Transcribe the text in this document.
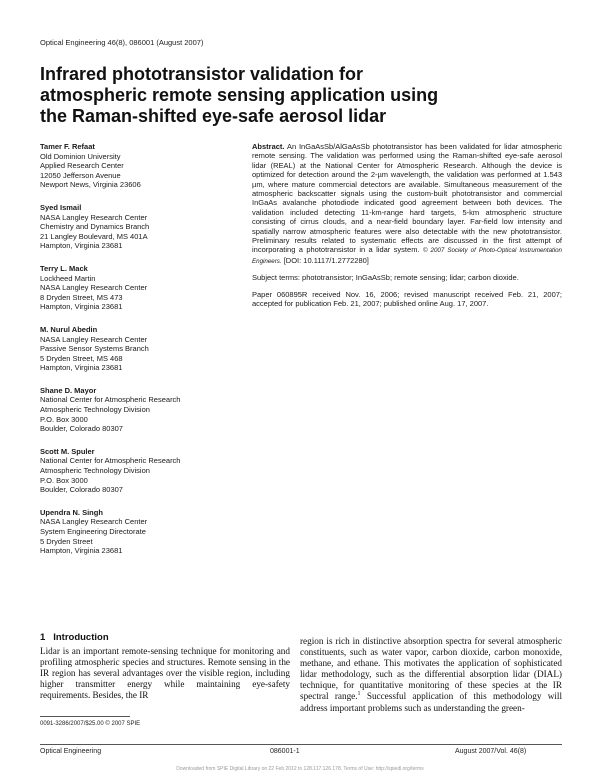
Optical Engineering 46(8), 086001 (August 2007)
Infrared phototransistor validation for
atmospheric remote sensing application using
the Raman-shifted eye-safe aerosol lidar
Tamer F. Refaat
Old Dominion University
Applied Research Center
12050 Jefferson Avenue
Newport News, Virginia 23606
Syed Ismail
NASA Langley Research Center
Chemistry and Dynamics Branch
21 Langley Boulevard, MS 401A
Hampton, Virginia 23681
Terry L. Mack
Lockheed Martin
NASA Langley Research Center
8 Dryden Street, MS 473
Hampton, Virginia 23681
M. Nurul Abedin
NASA Langley Research Center
Passive Sensor Systems Branch
5 Dryden Street, MS 468
Hampton, Virginia 23681
Shane D. Mayor
National Center for Atmospheric Research
Atmospheric Technology Division
P.O. Box 3000
Boulder, Colorado 80307
Scott M. Spuler
National Center for Atmospheric Research
Atmospheric Technology Division
P.O. Box 3000
Boulder, Colorado 80307
Upendra N. Singh
NASA Langley Research Center
System Engineering Directorate
5 Dryden Street
Hampton, Virginia 23681

Abstract. An InGaAsSb/AlGaAsSb phototransistor has been validated for lidar atmospheric remote sensing. The validation was performed using the Raman-shifted eye-safe aerosol lidar (REAL) at the National Center for Atmospheric Research. Although the device is optimized for detection around the 2-µm wavelength, the validation was performed at 1.543 µm, where mature commercial detectors are available. Simultaneous measurement of the atmospheric backscatter signals using the custom-built phototransistor and commercial InGaAs avalanche photodiode indicated good agreement between both devices. The validation included detecting 11-km-range hard targets, 5-km atmospheric structure consisting of cirrus clouds, and a near-field boundary layer. Far-field low intensity and spatially narrow atmospheric features were also detectable with the new phototransistor. Preliminary results related to systematic effects are discussed in the first attempt of incorporating a phototransistor in a lidar system. © 2007 Society of Photo-Optical Instrumentation Engineers. [DOI: 10.1117/1.2772280]

Subject terms: phototransistor; InGaAsSb; remote sensing; lidar; carbon dioxide.

Paper 060895R received Nov. 16, 2006; revised manuscript received Feb. 21, 2007; accepted for publication Feb. 21, 2007; published online Aug. 17, 2007.

1 Introduction

Lidar is an important remote-sensing technique for monitoring and profiling atmospheric species and structures. Remote sensing in the IR region has several advantages over the visible region, including higher transmitter energy while maintaining eye-safety requirements. Besides, the IR

region is rich in distinctive absorption spectra for several atmospheric constituents, such as water vapor, carbon dioxide, carbon monoxide, methane, and ethane. This motivates the application of sophisticated lidar methodology, such as the differential absorption lidar (DIAL) technique, for quantitative monitoring of these species at the IR spectral range.$^1$ Successful application of this methodology will address important problems such as understanding the green-

0091-3286/2007/$25.00 © 2007 SPIE
Optical Engineering	086001-1	August 2007/Vol. 46(8)
Downloaded from SPIE Digital Library on 22 Feb 2012 to 128.117.126.178. Terms of Use: http://spiedl.org/terms
